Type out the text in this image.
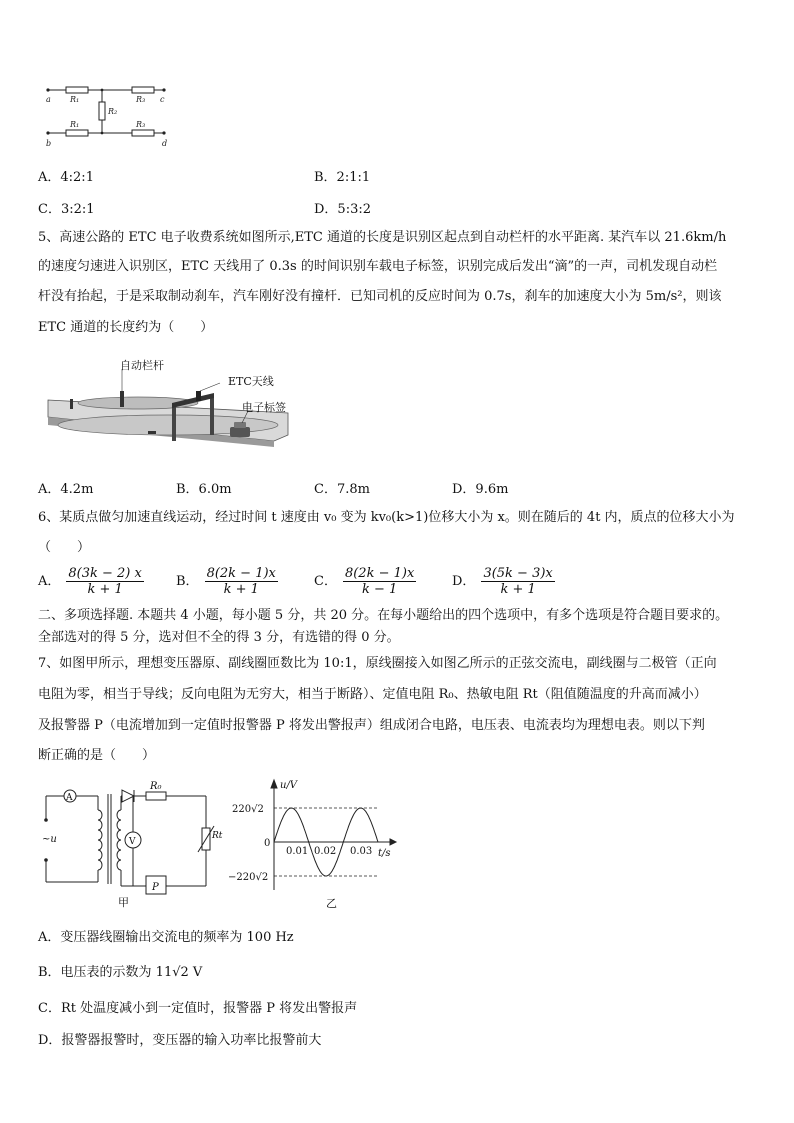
a	c
b	d
R₁
R₂
R₃
R₁	R₃
A．4:2:1	B．2:1:1
C．3:2:1	D．5:3:2
5、高速公路的 ETC 电子收费系统如图所示,ETC 通道的长度是识别区起点到自动栏杆的水平距离. 某汽车以 21.6km/h
的速度匀速进入识别区，ETC 天线用了 0.3s 的时间识别车载电子标签，识别完成后发出“滴”的一声，司机发现自动栏
杆没有抬起，于是采取制动刹车，汽车刚好没有撞杆．已知司机的反应时间为 0.7s，刹车的加速度大小为 5m/s²，则该
ETC 通道的长度约为（　　）
自动栏杆
ETC天线
电子标签
A．4.2m	B．6.0m	C．7.8m	D．9.6m
6、某质点做匀加速直线运动，经过时间 t 速度由 v₀ 变为 kv₀(k>1)位移大小为 x。则在随后的 4t 内，质点的位移大小为
（　　）
A． $\frac{8(3k - 2) x}{k + 1}$ B． $\frac{8(2k - 1)x}{k + 1}$	C． $\frac{8(2k - 1)x}{k - 1}$	D． $\frac{3(5k - 3)x}{k + 1}$
二、多项选择题. 本题共 4 小题，每小题 5 分，共 20 分。在每小题给出的四个选项中，有多个选项是符合题目要求的。
全部选对的得 5 分，选对但不全的得 3 分，有选错的得 0 分。
7、如图甲所示，理想变压器原、副线圈匝数比为 10:1，原线圈接入如图乙所示的正弦交流电，副线圈与二极管（正向
电阻为零，相当于导线；反向电阻为无穷大，相当于断路）、定值电阻 R₀、热敏电阻 Rt（阻值随温度的升高而减小）
及报警器 P（电流增加到一定值时报警器 P 将发出警报声）组成闭合电路，电压表、电流表均为理想电表。则以下判
断正确的是（　　）
A
V
~u
R₀
Rt
P
甲
u/V
t/s
220√2
−220√2
0
0.01 0.02 0.03
乙
A．变压器线圈输出交流电的频率为 100 Hz
B．电压表的示数为 11√2 V
C．Rt 处温度减小到一定值时，报警器 P 将发出警报声
D．报警器报警时，变压器的输入功率比报警前大
